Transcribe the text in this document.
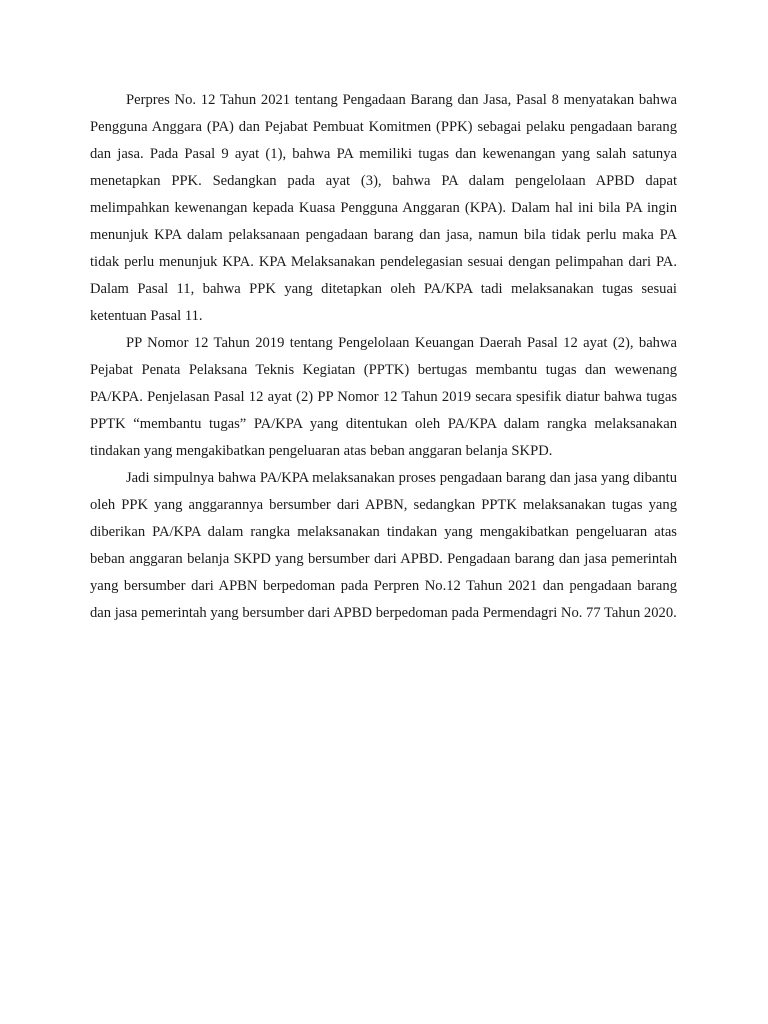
Perpres No. 12 Tahun 2021 tentang Pengadaan Barang dan Jasa, Pasal 8 menyatakan bahwa Pengguna Anggara (PA) dan Pejabat Pembuat Komitmen (PPK) sebagai pelaku pengadaan barang dan jasa. Pada Pasal 9 ayat (1), bahwa PA memiliki tugas dan kewenangan yang salah satunya menetapkan PPK. Sedangkan pada ayat (3), bahwa PA dalam pengelolaan APBD dapat melimpahkan kewenangan kepada Kuasa Pengguna Anggaran (KPA). Dalam hal ini bila PA ingin menunjuk KPA dalam pelaksanaan pengadaan barang dan jasa, namun bila tidak perlu maka PA tidak perlu menunjuk KPA. KPA Melaksanakan pendelegasian sesuai dengan pelimpahan dari PA. Dalam Pasal 11, bahwa PPK yang ditetapkan oleh PA/KPA tadi melaksanakan tugas sesuai ketentuan Pasal 11.

PP Nomor 12 Tahun 2019 tentang Pengelolaan Keuangan Daerah Pasal 12 ayat (2), bahwa Pejabat Penata Pelaksana Teknis Kegiatan (PPTK) bertugas membantu tugas dan wewenang PA/KPA. Penjelasan Pasal 12 ayat (2) PP Nomor 12 Tahun 2019 secara spesifik diatur bahwa tugas PPTK “membantu tugas” PA/KPA yang ditentukan oleh PA/KPA dalam rangka melaksanakan tindakan yang mengakibatkan pengeluaran atas beban anggaran belanja SKPD.

Jadi simpulnya bahwa PA/KPA melaksanakan proses pengadaan barang dan jasa yang dibantu oleh PPK yang anggarannya bersumber dari APBN, sedangkan PPTK melaksanakan tugas yang diberikan PA/KPA dalam rangka melaksanakan tindakan yang mengakibatkan pengeluaran atas beban anggaran belanja SKPD yang bersumber dari APBD. Pengadaan barang dan jasa pemerintah yang bersumber dari APBN berpedoman pada Perpren No.12 Tahun 2021 dan pengadaan barang dan jasa pemerintah yang bersumber dari APBD berpedoman pada Permendagri No. 77 Tahun 2020.
